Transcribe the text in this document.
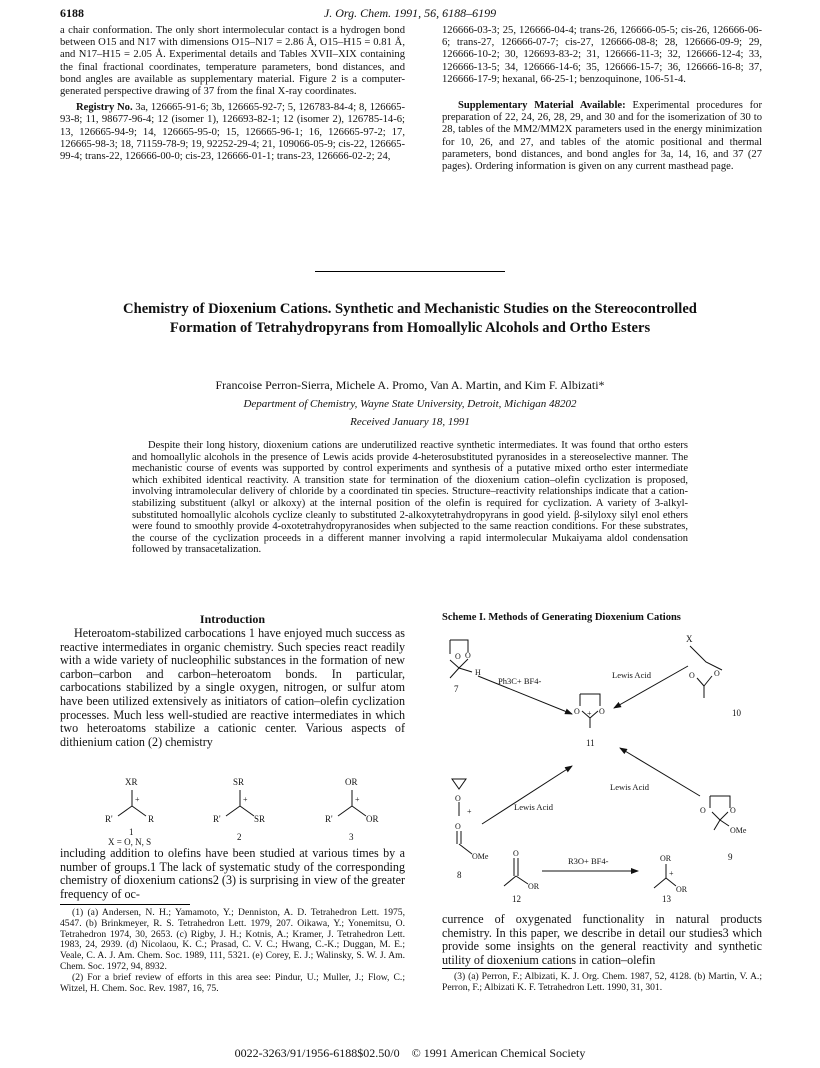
6188	J. Org. Chem. 1991, 56, 6188–6199

a chair conformation. The only short intermolecular contact is a hydrogen bond between O15 and N17 with dimensions O15–N17 = 2.86 Å, O15–H15 = 0.81 Å, and N17–H15 = 2.05 Å. Experimental details and Tables XVII–XIX containing the final fractional coordinates, temperature parameters, bond distances, and bond angles are available as supplementary material. Figure 2 is a computer-generated perspective drawing of 37 from the final X-ray coordinates.

Registry No. 3a, 126665-91-6; 3b, 126665-92-7; 5, 126783-84-4; 8, 126665-93-8; 11, 98677-96-4; 12 (isomer 1), 126693-82-1; 12 (isomer 2), 126785-14-6; 13, 126665-94-9; 14, 126665-95-0; 15, 126665-96-1; 16, 126665-97-2; 17, 126665-98-3; 18, 71159-78-9; 19, 92252-29-4; 21, 109066-05-9; cis-22, 126665-99-4; trans-22, 126666-00-0; cis-23, 126666-01-1; trans-23, 126666-02-2; 24,

126666-03-3; 25, 126666-04-4; trans-26, 126666-05-5; cis-26, 126666-06-6; trans-27, 126666-07-7; cis-27, 126666-08-8; 28, 126666-09-9; 29, 126666-10-2; 30, 126693-83-2; 31, 126666-11-3; 32, 126666-12-4; 33, 126666-13-5; 34, 126666-14-6; 35, 126666-15-7; 36, 126666-16-8; 37, 126666-17-9; hexanal, 66-25-1; benzoquinone, 106-51-4.

Supplementary Material Available: Experimental procedures for preparation of 22, 24, 26, 28, 29, and 30 and for the isomerization of 30 to 28, tables of the MM2/MM2X parameters used in the energy minimization for 10, 26, and 27, and tables of the atomic positional and thermal parameters, bond distances, and bond angles for 3a, 14, 16, and 37 (27 pages). Ordering information is given on any current masthead page.

Chemistry of Dioxenium Cations. Synthetic and Mechanistic Studies on the Stereocontrolled Formation of Tetrahydropyrans from Homoallylic Alcohols and Ortho Esters
Francoise Perron-Sierra, Michele A. Promo, Van A. Martin, and Kim F. Albizati*
Department of Chemistry, Wayne State University, Detroit, Michigan 48202
Received January 18, 1991

Despite their long history, dioxenium cations are underutilized reactive synthetic intermediates. It was found that ortho esters and homoallylic alcohols in the presence of Lewis acids provide 4-heterosubstituted pyranosides in a stereoselective manner. The mechanistic course of events was supported by control experiments and synthesis of a putative mixed ortho ester intermediate which exhibited identical reactivity. A transition state for termination of the dioxenium cation–olefin cyclization is proposed, involving intramolecular delivery of chloride by a coordinated tin species. Structure–reactivity relationships indicate that a cation-stabilizing substituent (alkyl or alkoxy) at the internal position of the olefin is required for cyclization. A variety of 3-alkyl-substituted homoallylic alcohols cyclize cleanly to substituted 2-alkoxytetrahydropyrans in good yield. β-silyloxy silyl enol ethers were found to smoothly provide 4-oxotetrahydropyranosides when subjected to the same reaction conditions. For these substrates, the course of the cyclization proceeds in a different manner involving a rapid intermolecular Mukaiyama aldol condensation followed by transacetalization.

Introduction

Heteroatom-stabilized carbocations 1 have enjoyed much success as reactive intermediates in organic chemistry. Such species react readily with a wide variety of nucleophilic substances in the formation of new carbon–carbon and carbon–heteroatom bonds. In particular, carbocations stabilized by a single oxygen, nitrogen, or sulfur atom have been utilized extensively as initiators of cation–olefin cyclization processes. Much less well-studied are reactive intermediates in which two heteroatoms stabilize a cationic center. Various aspects of dithienium cation (2) chemistry

XR
+
R'	R
1
X = O, N, S
SR
+
R'	SR
2
OR
+
R'	OR
3

including addition to olefins have been studied at various times by a number of groups.1 The lack of systematic study of the corresponding chemistry of dioxenium cations2 (3) is surprising in view of the greater frequency of oc-

(1) (a) Andersen, N. H.; Yamamoto, Y.; Denniston, A. D. Tetrahedron Lett. 1975, 4547. (b) Brinkmeyer, R. S. Tetrahedron Lett. 1979, 207. Oikawa, Y.; Yonemitsu, O. Tetrahedron 1974, 30, 2653. (c) Rigby, J. H.; Kotnis, A.; Kramer, J. Tetrahedron Lett. 1983, 24, 2939. (d) Nicolaou, K. C.; Prasad, C. V. C.; Hwang, C.-K.; Duggan, M. E.; Veale, C. A. J. Am. Chem. Soc. 1989, 111, 5321. (e) Corey, E. J.; Walinsky, S. W. J. Am. Chem. Soc. 1972, 94, 8932.

(2) For a brief review of efforts in this area see: Pindur, U.; Muller, J.; Flow, C.; Witzel, H. Chem. Soc. Rev. 1987, 16, 75.

Scheme I. Methods of Generating Dioxenium Cations
O O
H
7
Ph3C+ BF4-
X
O O
10
Lewis Acid
O O
+
11
O
+
O
OMe
8
Lewis Acid	O	O
OMe
9
Lewis Acid
O
OR
12
R3O+ BF4-	OR
+
OR
13

currence of oxygenated functionality in natural products chemistry. In this paper, we describe in detail our studies3 which provide some insights on the general reactivity and synthetic utility of dioxenium cations in cation–olefin

(3) (a) Perron, F.; Albizati, K. J. Org. Chem. 1987, 52, 4128. (b) Martin, V. A.; Perron, F.; Albizati K. F. Tetrahedron Lett. 1990, 31, 301.

0022-3263/91/1956-6188$02.50/0 © 1991 American Chemical Society
